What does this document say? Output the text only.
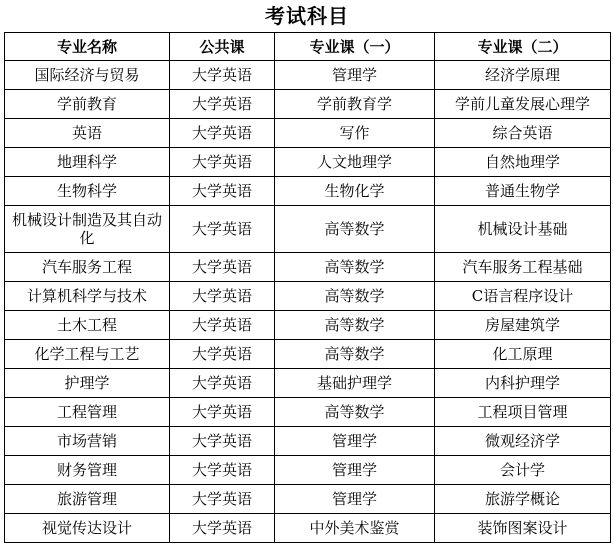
考试科目
专业名称	公共课	专业课（一）	专业课（二）
国际经济与贸易	大学英语	管理学	经济学原理
学前教育	大学英语	学前教育学	学前儿童发展心理学
英语	大学英语	写作	综合英语
地理科学	大学英语	人文地理学	自然地理学
生物科学	大学英语	生物化学	普通生物学
机械设计制造及其自动化	大学英语	高等数学	机械设计基础
汽车服务工程	大学英语	高等数学	汽车服务工程基础
计算机科学与技术	大学英语	高等数学	C语言程序设计
土木工程	大学英语	高等数学	房屋建筑学
化学工程与工艺	大学英语	高等数学	化工原理
护理学	大学英语	基础护理学	内科护理学
工程管理	大学英语	高等数学	工程项目管理
市场营销	大学英语	管理学	微观经济学
财务管理	大学英语	管理学	会计学
旅游管理	大学英语	管理学	旅游学概论
视觉传达设计	大学英语	中外美术鉴赏	装饰图案设计
